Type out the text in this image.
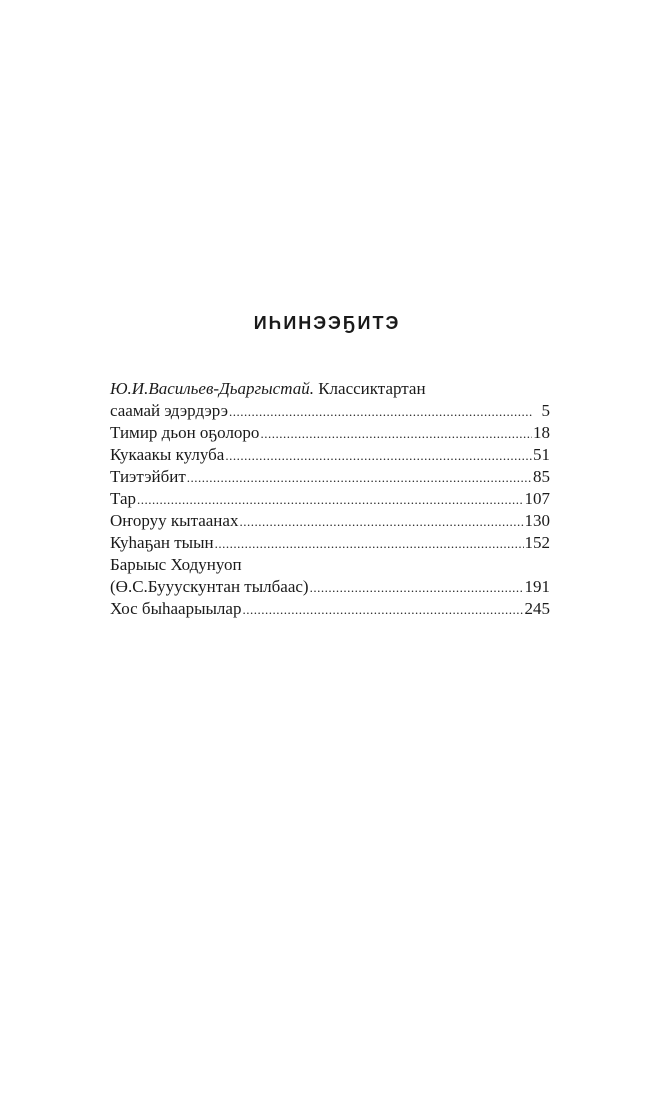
ИҺИНЭЭҔИТЭ
Ю.И.Васильев-Дьаргыстай. Классиктартан
саамай эдэрдэрэ .....	5
Тимир дьон оҕолоро .....	18
Кукаакы кулуба .....	51
Тиэтэйбит .....	85
Тар .....	107
Оҥоруу кытаанах .....	130
Куһаҕан тыын .....	152
Барыыс Ходунуоп
(Ө.С.Бууускунтан тылбаас) .....	191
Хос быһаарыылар .....	245
